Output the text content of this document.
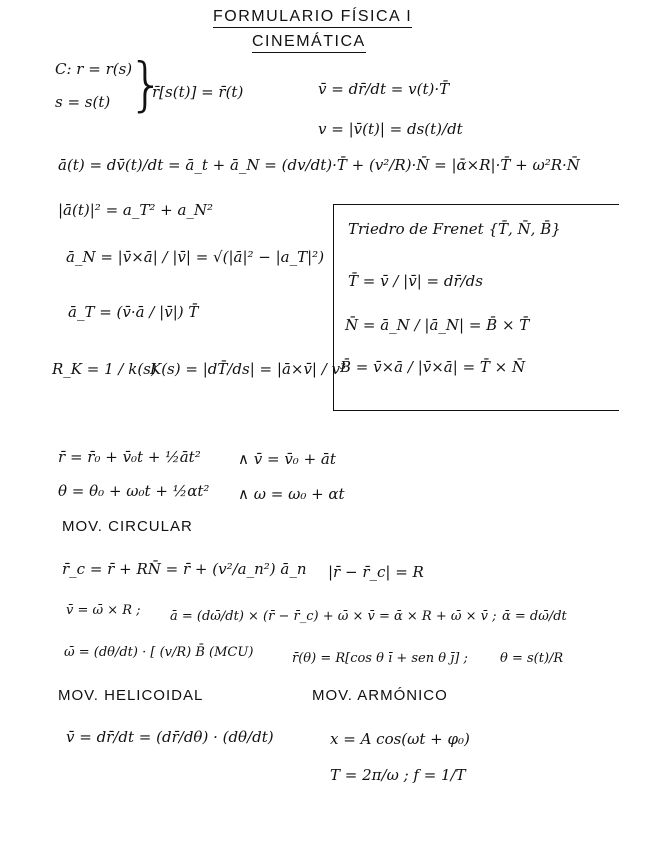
FORMULARIO FÍSICA I
CINEMÁTICA
C: r = r(s)
s = s(t) }
r̄[s(t)] = r̄(t)	v̄ = dr̄/dt = v(t)·T̄
v = |v̄(t)| = ds(t)/dt
ā(t) = dv̄(t)/dt = ā_t + ā_N = (dv/dt)·T̄ + (v²/R)·N̄ = |ᾱ×R|·T̄ + ω²R·N̄
|ā(t)|² = a_T² + a_N²
ā_N = |v̄×ā| / |v̄| = √(|ā|² − |a_T|²)
ā_T = (v̄·ā / |v̄|) T̄
R_K = 1 / k(s)
K(s) = |dT̄/ds| = |ā×v̄| / v³
Triedro de Frenet {T̄, N̄, B̄}
T̄ = v̄ / |v̄| = dr̄/ds
N̄ = ā_N / |ā_N| = B̄ × T̄
B̄ = v̄×ā / |v̄×ā| = T̄ × N̄
r̄ = r̄₀ + v̄₀t + ½āt² ∧ v̄ = v̄₀ + āt
θ = θ₀ + ω₀t + ½αt² ∧ ω = ω₀ + αt
MOV. CIRCULAR
r̄_c = r̄ + RN̄ = r̄ + (v²/a_n²) ā_n |r̄ − r̄_c| = R
v̄ = ω̄ × R ; ā = (dω̄/dt) × (r̄ − r̄_c) + ω̄ × v̄ = ᾱ × R + ω̄ × v̄ ; ᾱ = dω̄/dt
ω̄ = (dθ/dt) · [ (v/R) B̄ (MCU)	r̄(θ) = R[cos θ ī + sen θ j̄] ; θ = s(t)/R
MOV. HELICOIDAL	MOV. ARMÓNICO
v̄ = dr̄/dt = (dr̄/dθ) · (dθ/dt)	x = A cos(ωt + φ₀)
T = 2π/ω ; f = 1/T
